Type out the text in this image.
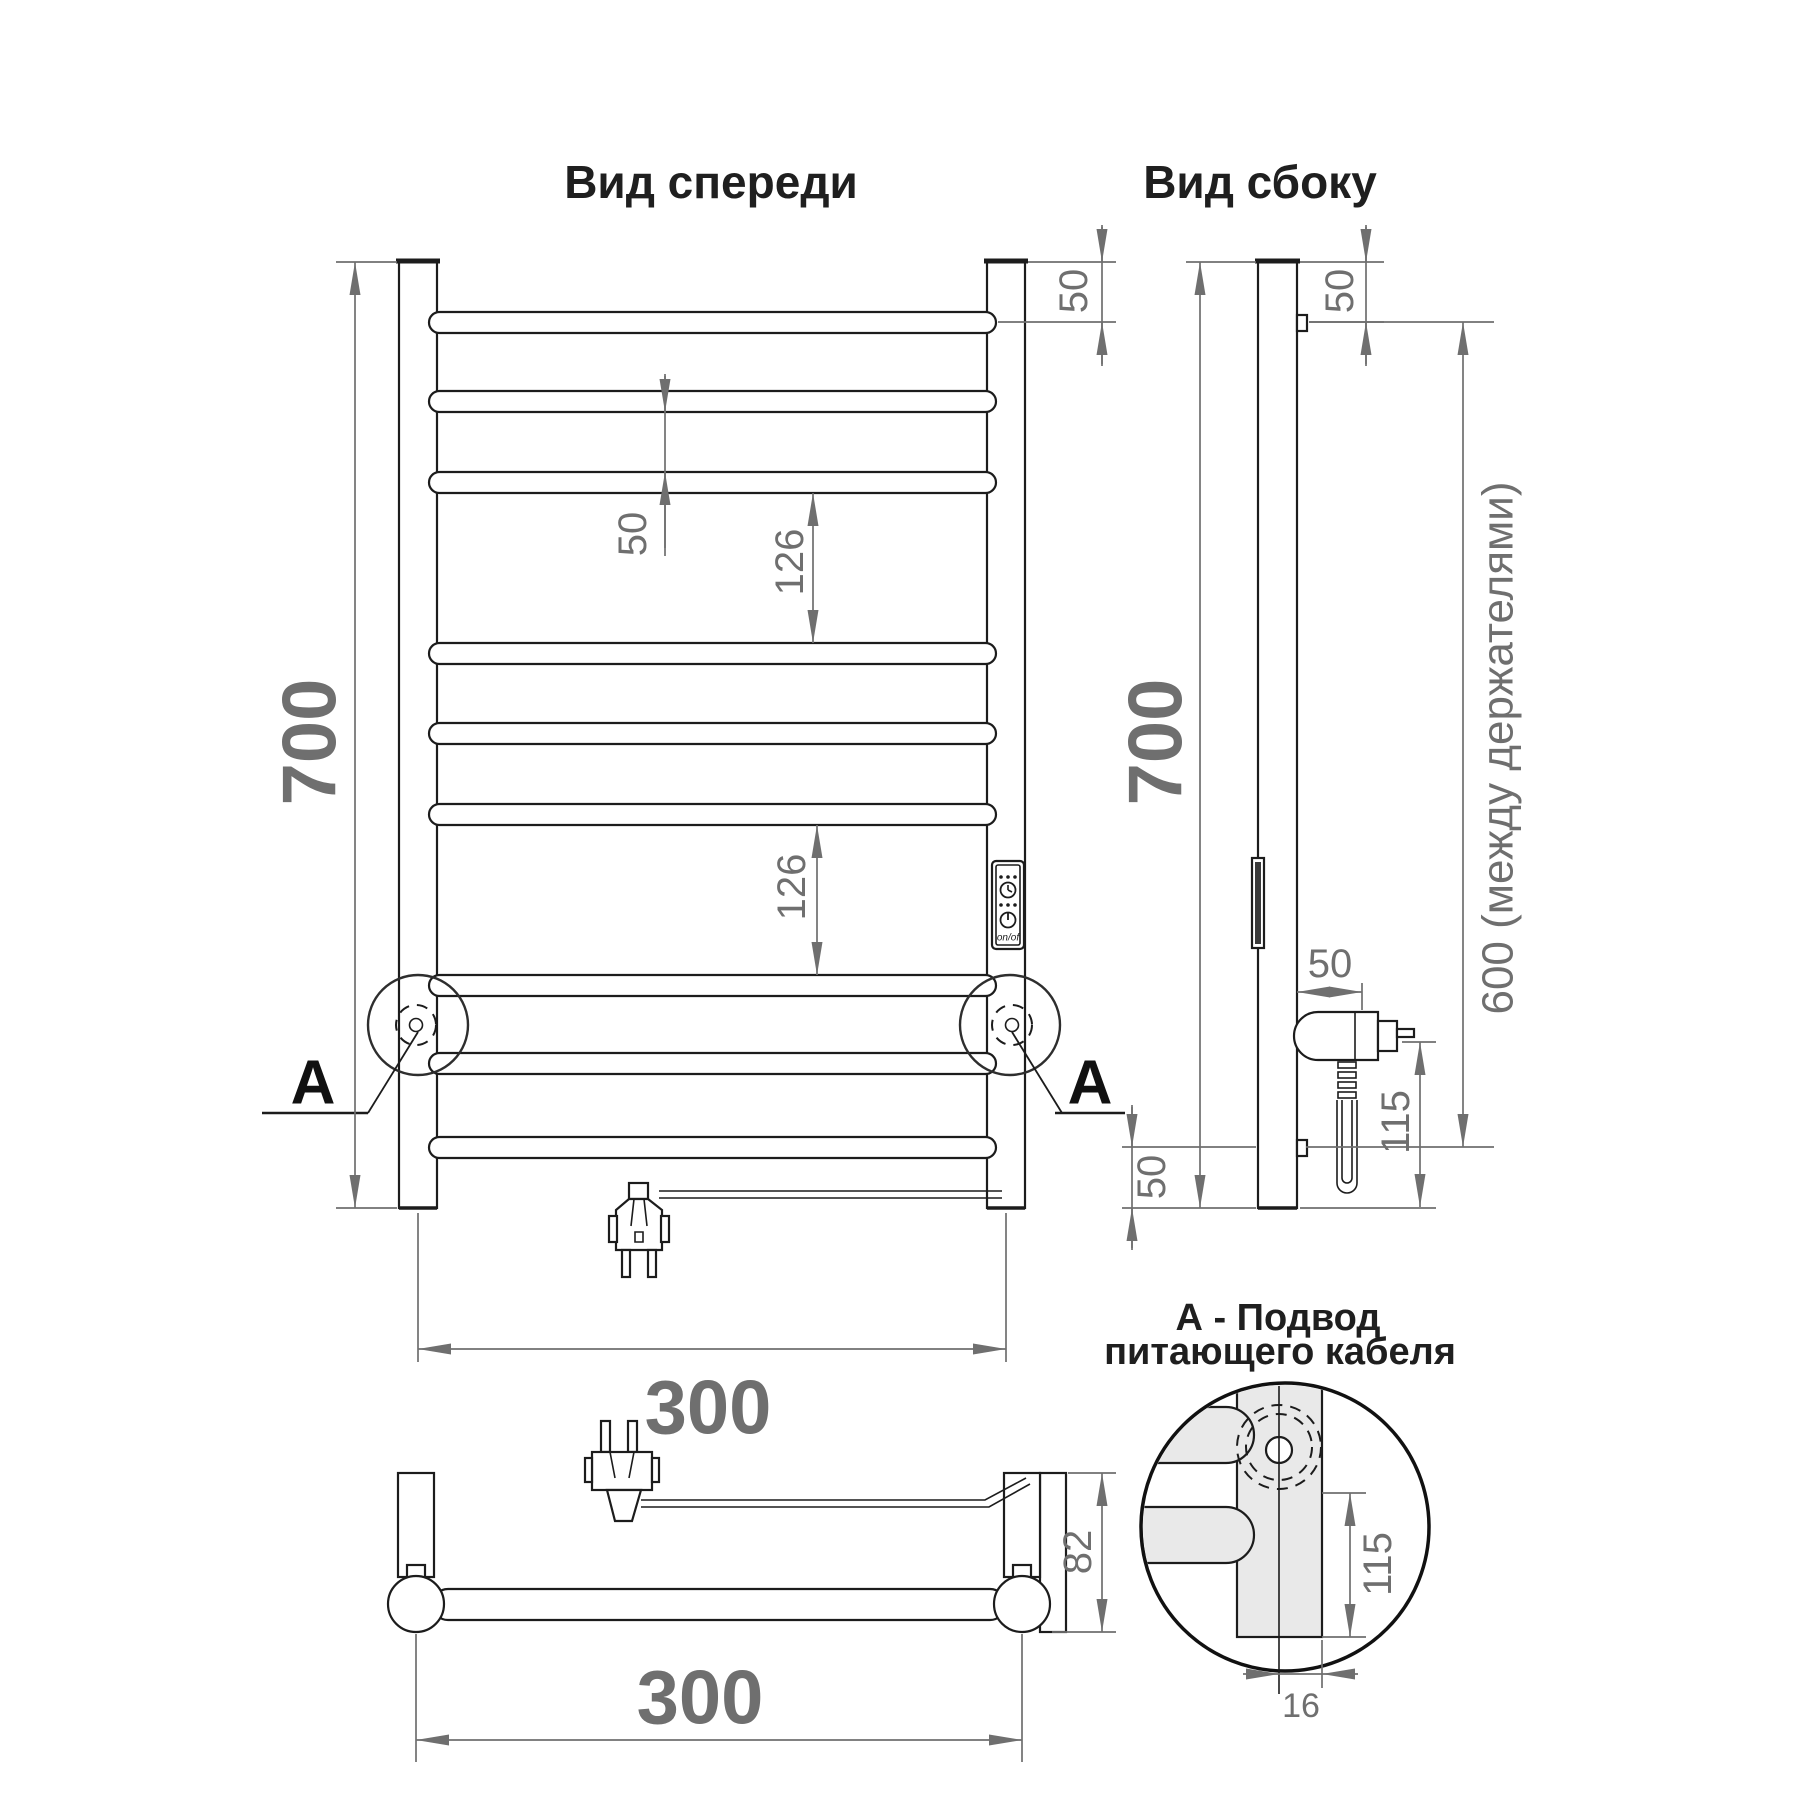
Вид спереди
on/of
A	A
700
50
50	126
126
300
Вид сбоку
700
50
600 (между держателями)
50
115
50
300
82
А - Подвод
питающего кабеля
115
16
